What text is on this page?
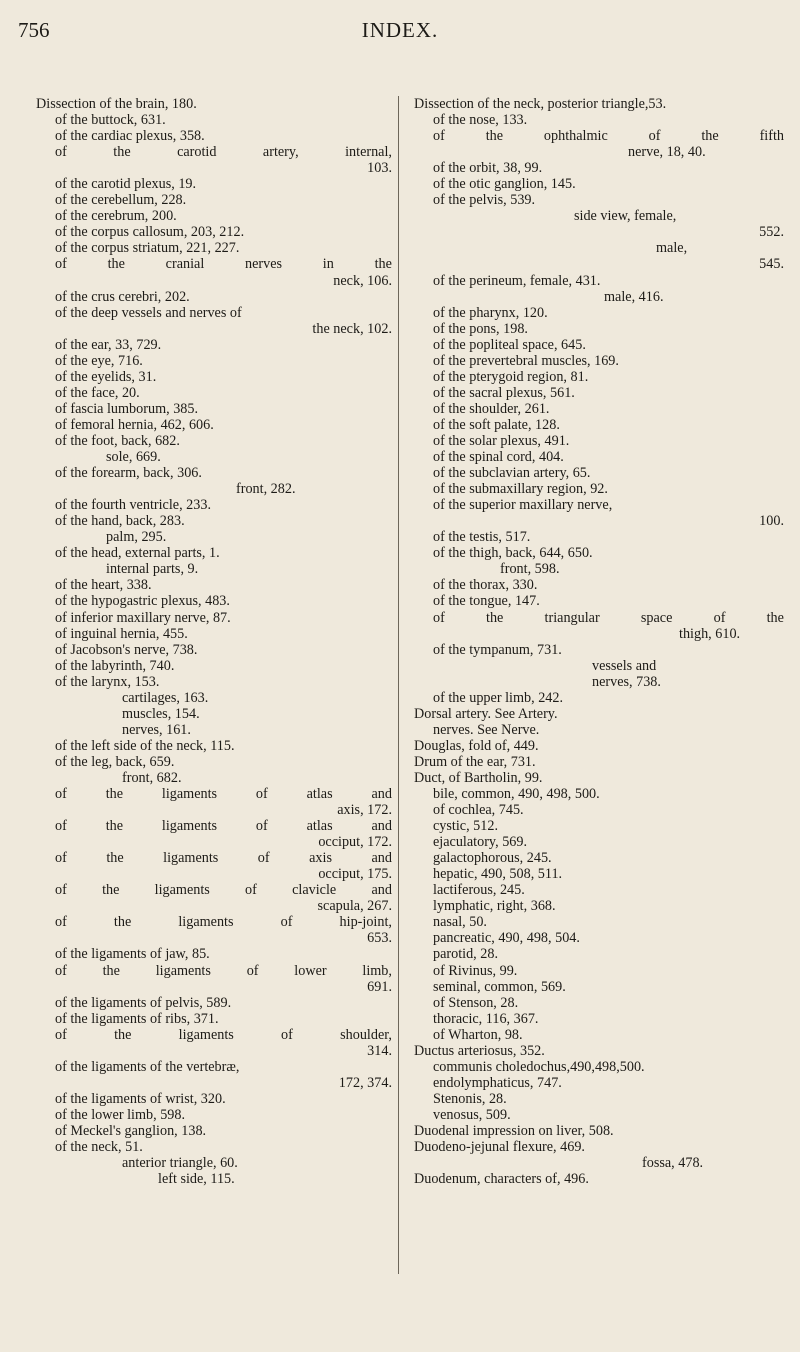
756	INDEX.
Dissection of the brain, 180.
of the buttock, 631.
of the cardiac plexus, 358.
of	the	carotid	artery,	internal,
103.
of the carotid plexus, 19.
of the cerebellum, 228.
of the cerebrum, 200.
of the corpus callosum, 203, 212.
of the corpus striatum, 221, 227.
of	the	cranial	nerves	in	the
neck, 106.
of the crus cerebri, 202.
of the deep vessels and nerves of
the neck, 102.
of the ear, 33, 729.
of the eye, 716.
of the eyelids, 31.
of the face, 20.
of fascia lumborum, 385.
of femoral hernia, 462, 606.
of the foot, back, 682.
sole, 669.
of the forearm, back, 306.
front, 282.
of the fourth ventricle, 233.
of the hand, back, 283.
palm, 295.
of the head, external parts, 1.
internal parts, 9.
of the heart, 338.
of the hypogastric plexus, 483.
of inferior maxillary nerve, 87.
of inguinal hernia, 455.
of Jacobson's nerve, 738.
of the labyrinth, 740.
of the larynx, 153.
cartilages, 163.
muscles, 154.
nerves, 161.
of the left side of the neck, 115.
of the leg, back, 659.
front, 682.
of	the	ligaments	of	atlas	and
axis, 172.
of	the	ligaments	of	atlas	and
occiput, 172.
of	the	ligaments	of	axis	and
occiput, 175.
of the ligaments of clavicle and
scapula, 267.
of	the	ligaments	of	hip-joint,
653.
of the ligaments of jaw, 85.
of	the	ligaments	of	lower	limb,
691.
of the ligaments of pelvis, 589.
of the ligaments of ribs, 371.
of	the	ligaments	of	shoulder,
314.
of the ligaments of the vertebræ,
172, 374.
of the ligaments of wrist, 320.
of the lower limb, 598.
of Meckel's ganglion, 138.
of the neck, 51.
anterior triangle, 60.
left side, 115.
Dissection of the neck, posterior triangle,53.
of the nose, 133.
of	the	ophthalmic	of	the	fifth
nerve, 18, 40.
of the orbit, 38, 99.
of the otic ganglion, 145.
of the pelvis, 539.
side view, female,
552.
male,
545.
of the perineum, female, 431.
male, 416.
of the pharynx, 120.
of the pons, 198.
of the popliteal space, 645.
of the prevertebral muscles, 169.
of the pterygoid region, 81.
of the sacral plexus, 561.
of the shoulder, 261.
of the soft palate, 128.
of the solar plexus, 491.
of the spinal cord, 404.
of the subclavian artery, 65.
of the submaxillary region, 92.
of the superior maxillary nerve,
100.
of the testis, 517.
of the thigh, back, 644, 650.
front, 598.
of the thorax, 330.
of the tongue, 147.
of	the	triangular	space	of	the
thigh, 610.
of the tympanum, 731.
vessels and
nerves, 738.
of the upper limb, 242.
Dorsal artery. See Artery.
nerves. See Nerve.
Douglas, fold of, 449.
Drum of the ear, 731.
Duct, of Bartholin, 99.
bile, common, 490, 498, 500.
of cochlea, 745.
cystic, 512.
ejaculatory, 569.
galactophorous, 245.
hepatic, 490, 508, 511.
lactiferous, 245.
lymphatic, right, 368.
nasal, 50.
pancreatic, 490, 498, 504.
parotid, 28.
of Rivinus, 99.
seminal, common, 569.
of Stenson, 28.
thoracic, 116, 367.
of Wharton, 98.
Ductus arteriosus, 352.
communis choledochus,490,498,500.
endolymphaticus, 747.
Stenonis, 28.
venosus, 509.
Duodenal impression on liver, 508.
Duodeno-jejunal flexure, 469.
fossa, 478.
Duodenum, characters of, 496.
